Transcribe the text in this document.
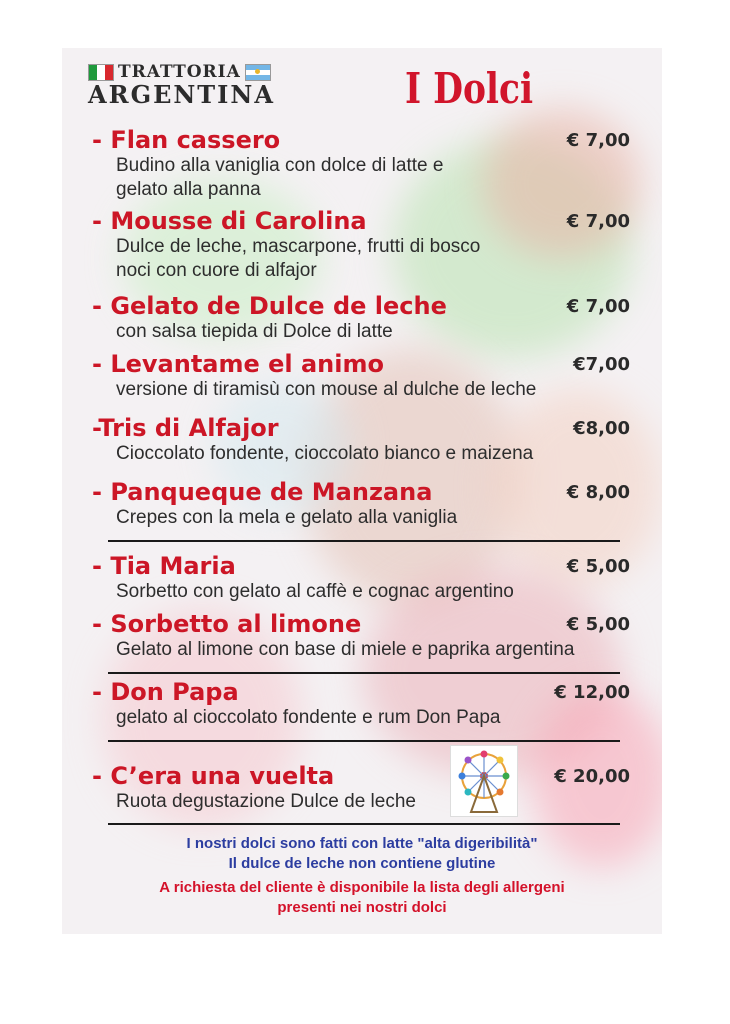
TRATTORIA
ARGENTINA	I Dolci
- Flan cassero
Budino alla vaniglia con dolce di latte e
gelato alla panna
€ 7,00
- Mousse di Carolina
Dulce de leche, mascarpone, frutti di bosco
noci con cuore di alfajor
€ 7,00
- Gelato de Dulce de leche
con salsa tiepida di Dolce di latte
€ 7,00
- Levantame el animo
versione di tiramisù con mouse al dulche de leche
€7,00
-Tris di Alfajor
Cioccolato fondente, cioccolato bianco e maizena
€8,00
- Panqueque de Manzana
Crepes con la mela e gelato alla vaniglia
€ 8,00
- Tia Maria
Sorbetto con gelato al caffè e cognac argentino
€ 5,00
- Sorbetto al limone
Gelato al limone con base di miele e paprika argentina
€ 5,00
- Don Papa
gelato al cioccolato fondente e rum Don Papa
€ 12,00
- C’era una vuelta
Ruota degustazione Dulce de leche
€ 20,00
I nostri dolci sono fatti con latte "alta digeribilità"
Il dulce de leche non contiene glutine
A richiesta del cliente è disponibile la lista degli allergeni
presenti nei nostri dolci
